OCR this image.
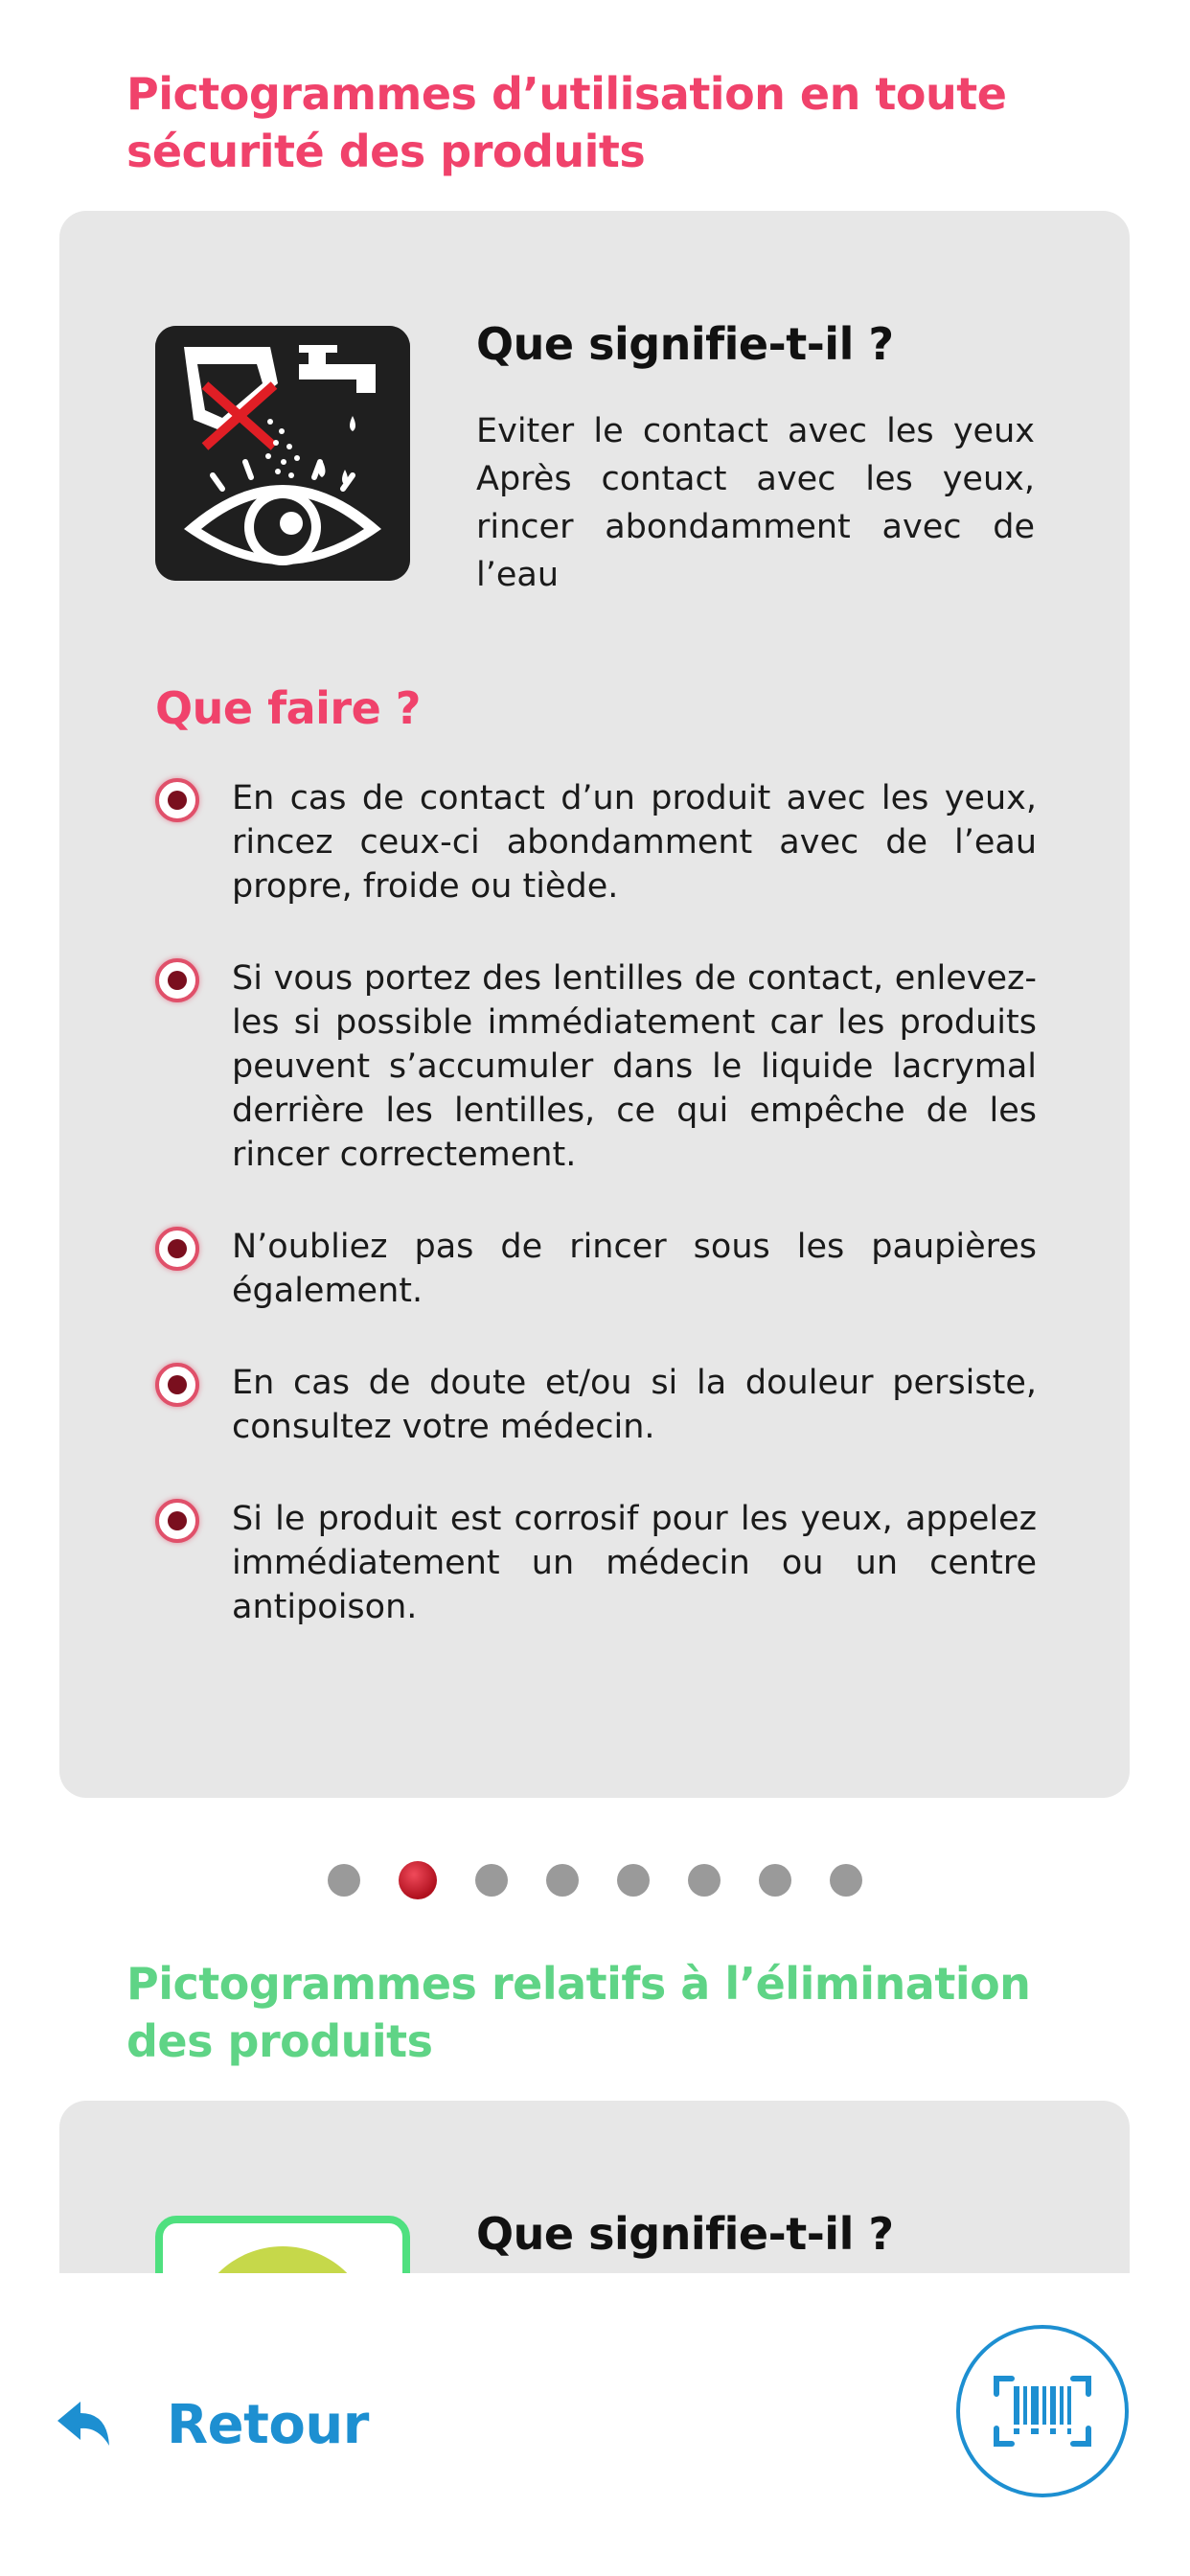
Pictogrammes d’utilisation en toute sécurité des produits
Que signifie-t-il ?

Eviter le contact avec les yeux Après contact avec les yeux, rincer abondamment avec de l’eau

Que faire ?
En cas de contact d’un produit avec les yeux, rincez ceux-ci abondamment avec de l’eau propre, froide ou tiède.
Si vous portez des lentilles de contact, enlevez-les si possible immédiatement car les produits peuvent s’accumuler dans le liquide lacrymal derrière les lentilles, ce qui empêche de les rincer correctement.
N’oubliez pas de rincer sous les paupières également.
En cas de doute et/ou si la douleur persiste, consultez votre médecin.
Si le produit est corrosif pour les yeux, appelez immédiatement un médecin ou un centre antipoison.
Pictogrammes relatifs à l’élimination des produits
Que signifie-t-il ?
Retour
